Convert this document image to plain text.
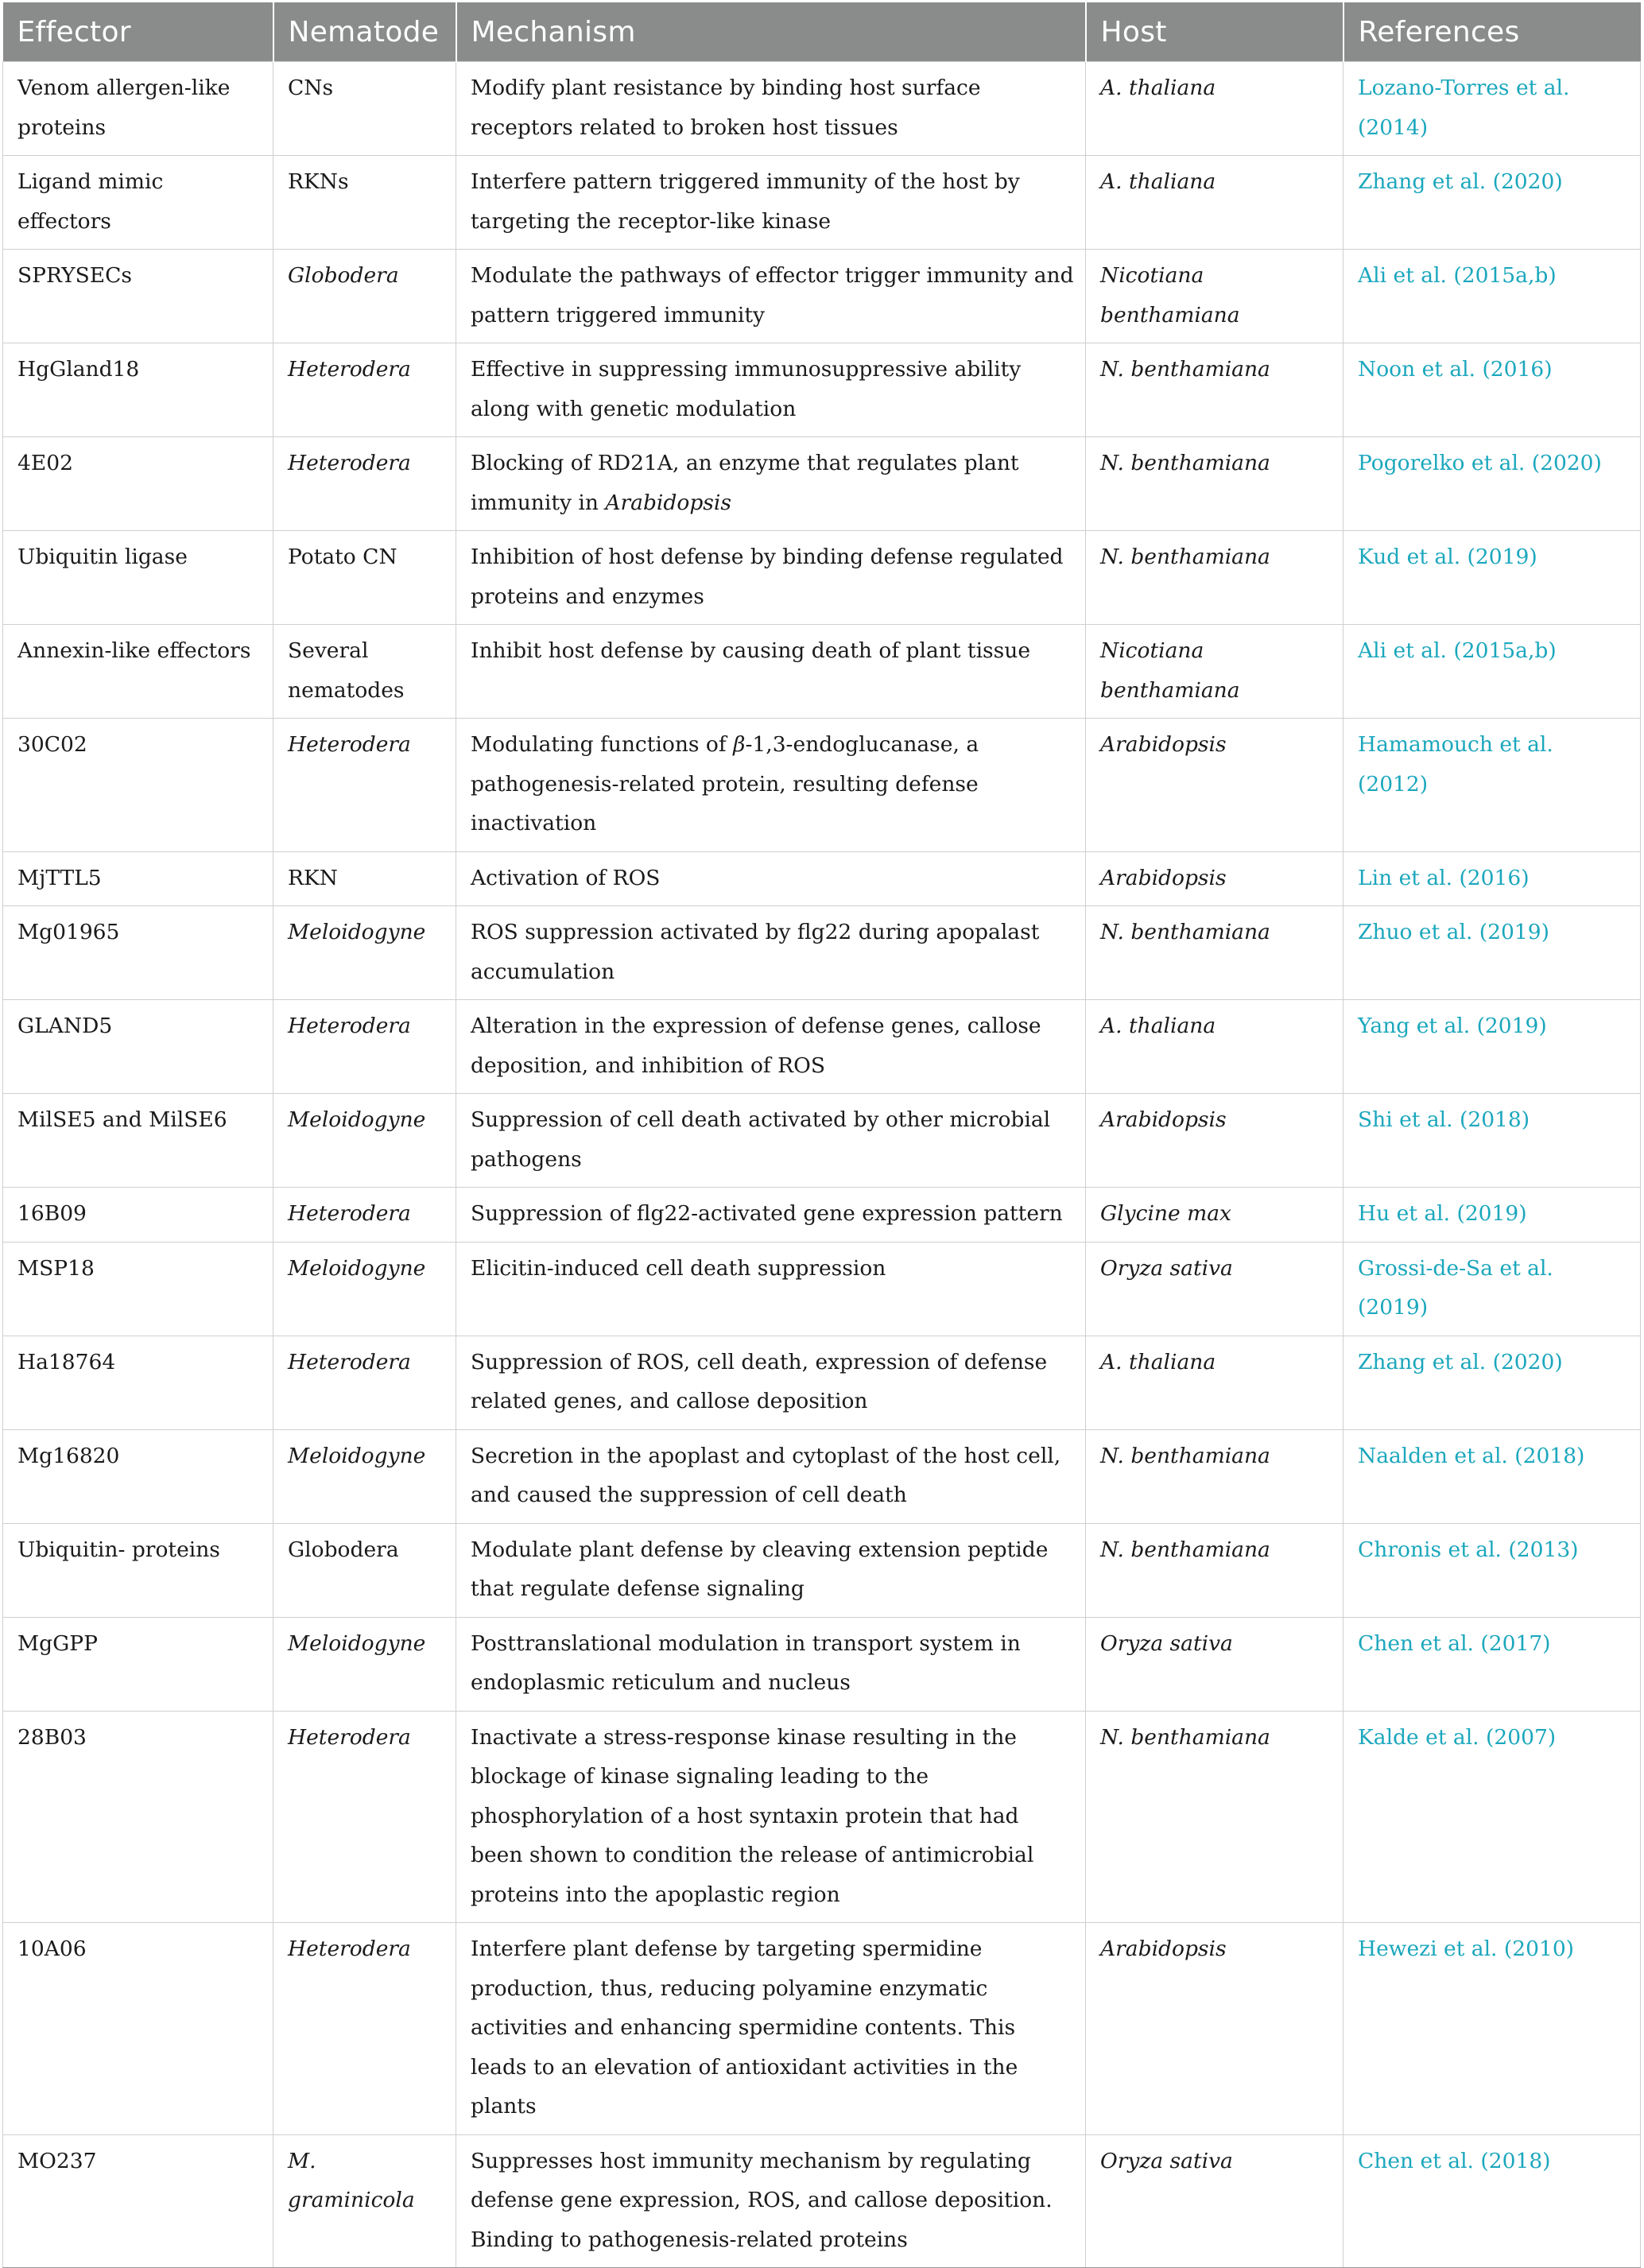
Effector	Nematode	Mechanism	Host	References
Venom allergen-like proteins	CNs	Modify plant resistance by binding host surface receptors related to broken host tissues	A. thaliana	Lozano-Torres et al. (2014)
Ligand mimic effectors	RKNs	Interfere pattern triggered immunity of the host by targeting the receptor-like kinase	A. thaliana	Zhang et al. (2020)
SPRYSECs	Globodera	Modulate the pathways of effector trigger immunity and pattern triggered immunity	Nicotiana benthamiana	Ali et al. (2015a,b)
HgGland18	Heterodera	Effective in suppressing immunosuppressive ability along with genetic modulation	N. benthamiana	Noon et al. (2016)
4E02	Heterodera	Blocking of RD21A, an enzyme that regulates plant immunity in Arabidopsis	N. benthamiana	Pogorelko et al. (2020)
Ubiquitin ligase	Potato CN	Inhibition of host defense by binding defense regulated proteins and enzymes	N. benthamiana	Kud et al. (2019)
Annexin-like effectors	Several nematodes	Inhibit host defense by causing death of plant tissue	Nicotiana benthamiana	Ali et al. (2015a,b)
30C02	Heterodera	Modulating functions of β-1,3-endoglucanase, a pathogenesis-related protein, resulting defense inactivation	Arabidopsis	Hamamouch et al. (2012)
MjTTL5	RKN	Activation of ROS	Arabidopsis	Lin et al. (2016)
Mg01965	Meloidogyne	ROS suppression activated by flg22 during apopalast accumulation	N. benthamiana	Zhuo et al. (2019)
GLAND5	Heterodera	Alteration in the expression of defense genes, callose deposition, and inhibition of ROS	A. thaliana	Yang et al. (2019)
MilSE5 and MilSE6	Meloidogyne	Suppression of cell death activated by other microbial pathogens	Arabidopsis	Shi et al. (2018)
16B09	Heterodera	Suppression of flg22-activated gene expression pattern	Glycine max	Hu et al. (2019)
MSP18	Meloidogyne	Elicitin-induced cell death suppression	Oryza sativa	Grossi-de-Sa et al. (2019)
Ha18764	Heterodera	Suppression of ROS, cell death, expression of defense related genes, and callose deposition	A. thaliana	Zhang et al. (2020)
Mg16820	Meloidogyne	Secretion in the apoplast and cytoplast of the host cell, and caused the suppression of cell death	N. benthamiana	Naalden et al. (2018)
Ubiquitin- proteins	Globodera	Modulate plant defense by cleaving extension peptide that regulate defense signaling	N. benthamiana	Chronis et al. (2013)
MgGPP	Meloidogyne	Posttranslational modulation in transport system in endoplasmic reticulum and nucleus	Oryza sativa	Chen et al. (2017)
28B03	Heterodera	Inactivate a stress-response kinase resulting in the blockage of kinase signaling leading to the phosphorylation of a host syntaxin protein that had been shown to condition the release of antimicrobial proteins into the apoplastic region	N. benthamiana	Kalde et al. (2007)
10A06	Heterodera	Interfere plant defense by targeting spermidine production, thus, reducing polyamine enzymatic activities and enhancing spermidine contents. This leads to an elevation of antioxidant activities in the plants	Arabidopsis	Hewezi et al. (2010)
MO237	M. graminicola	Suppresses host immunity mechanism by regulating defense gene expression, ROS, and callose deposition. Binding to pathogenesis-related proteins	Oryza sativa	Chen et al. (2018)
